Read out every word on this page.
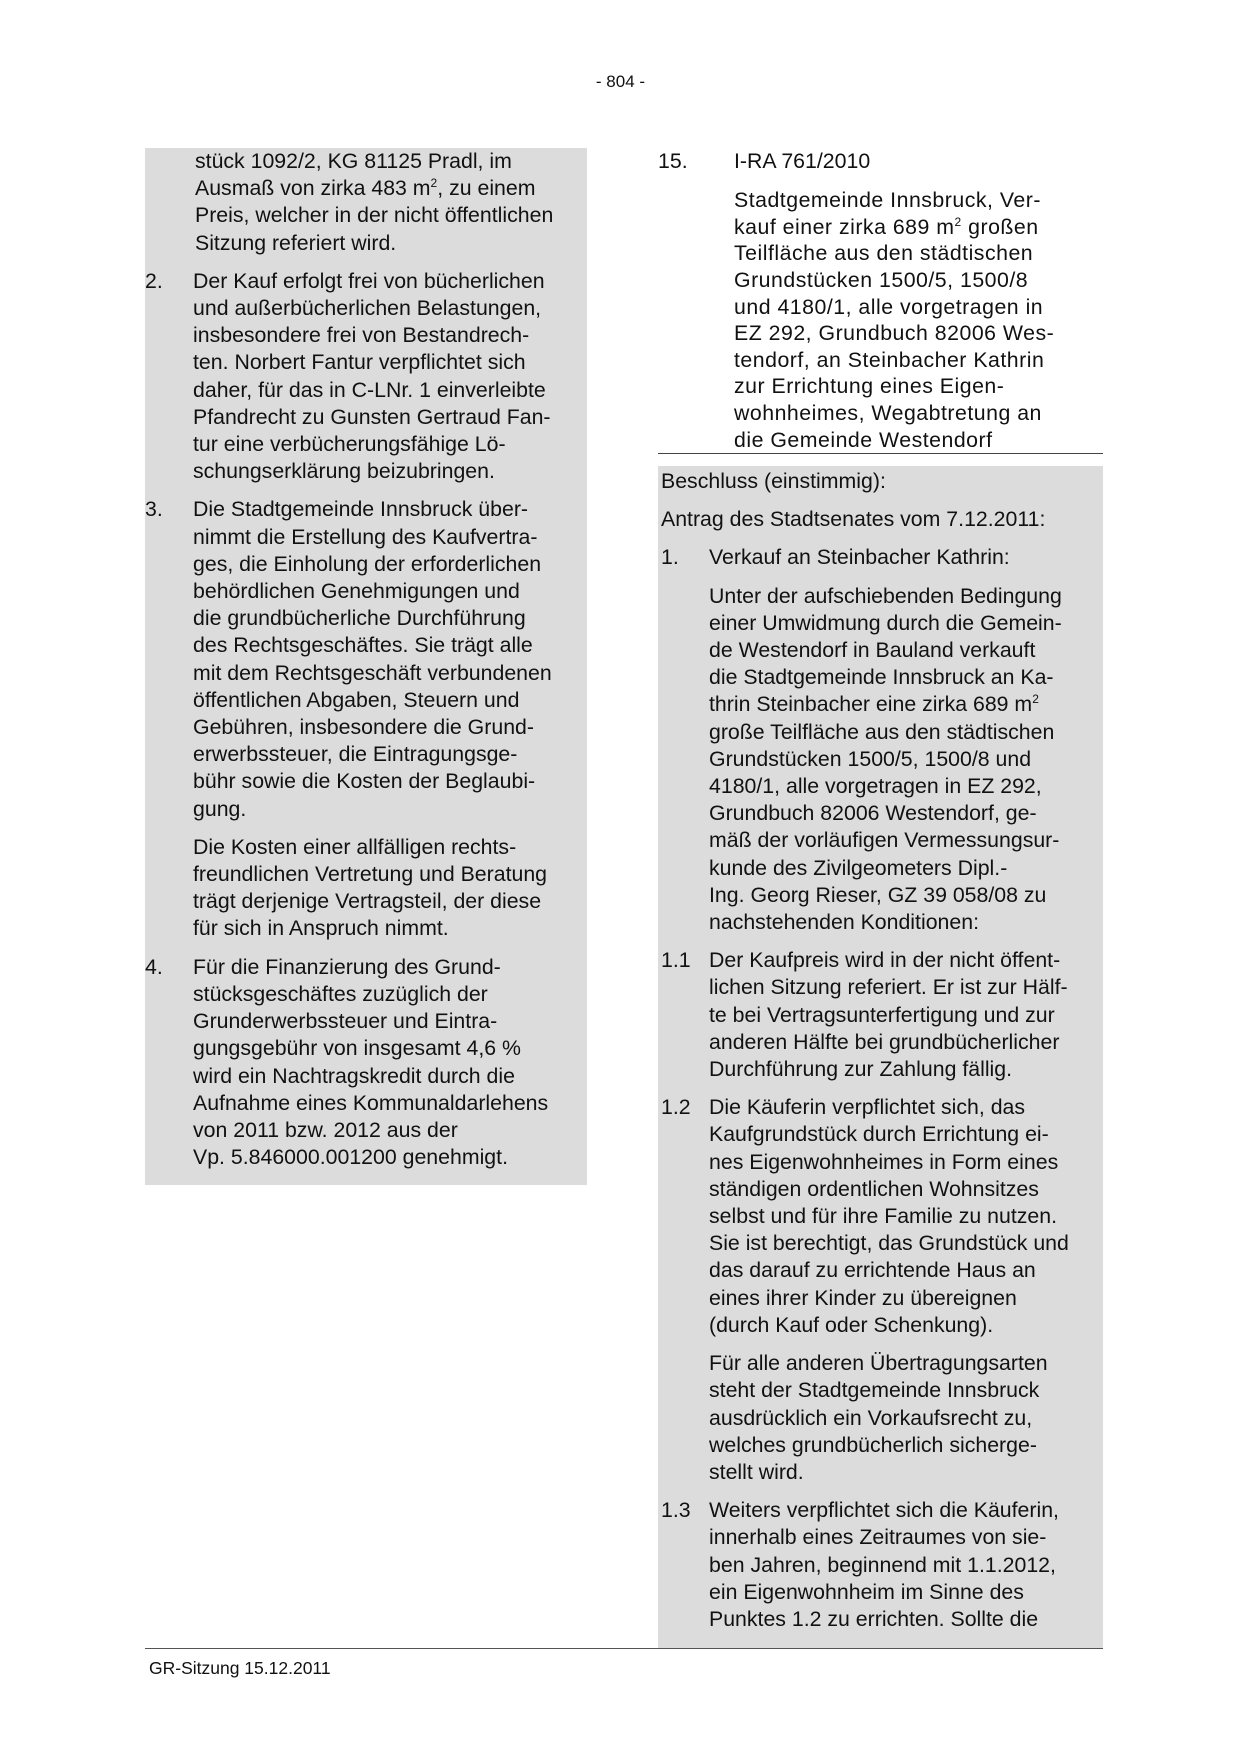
- 804 -
stück 1092/2, KG 81125 Pradl, im
Ausmaß von zirka 483 $m^2$, zu einem
Preis, welcher in der nicht öffentlichen
Sitzung referiert wird.
2.	Der Kauf erfolgt frei von bücherlichen
und außerbücherlichen Belastungen,
insbesondere frei von Bestandrech-
ten. Norbert Fantur verpflichtet sich
daher, für das in C-LNr. 1 einverleibte
Pfandrecht zu Gunsten Gertraud Fan-
tur eine verbücherungsfähige Lö-
schungserklärung beizubringen.
3.	Die Stadtgemeinde Innsbruck über-
nimmt die Erstellung des Kaufvertra-
ges, die Einholung der erforderlichen
behördlichen Genehmigungen und
die grundbücherliche Durchführung
des Rechtsgeschäftes. Sie trägt alle
mit dem Rechtsgeschäft verbundenen
öffentlichen Abgaben, Steuern und
Gebühren, insbesondere die Grund-
erwerbssteuer, die Eintragungsge-
bühr sowie die Kosten der Beglaubi-
gung.
Die Kosten einer allfälligen rechts-
freundlichen Vertretung und Beratung
trägt derjenige Vertragsteil, der diese
für sich in Anspruch nimmt.
4.	Für die Finanzierung des Grund-
stücksgeschäftes zuzüglich der
Grunderwerbssteuer und Eintra-
gungsgebühr von insgesamt 4,6 %
wird ein Nachtragskredit durch die
Aufnahme eines Kommunaldarlehens
von 2011 bzw. 2012 aus der
Vp. 5.846000.001200 genehmigt.
15.	I-RA 761/2010
Stadtgemeinde Innsbruck, Ver-
kauf einer zirka 689 $m^2$ großen
Teilfläche aus den städtischen
Grundstücken 1500/5, 1500/8
und 4180/1, alle vorgetragen in
EZ 292, Grundbuch 82006 Wes-
tendorf, an Steinbacher Kathrin
zur Errichtung eines Eigen-
wohnheimes, Wegabtretung an
die Gemeinde Westendorf
Beschluss (einstimmig):
Antrag des Stadtsenates vom 7.12.2011:
1.	Verkauf an Steinbacher Kathrin:
Unter der aufschiebenden Bedingung
einer Umwidmung durch die Gemein-
de Westendorf in Bauland verkauft
die Stadtgemeinde Innsbruck an Ka-
thrin Steinbacher eine zirka 689 $m^2$
große Teilfläche aus den städtischen
Grundstücken 1500/5, 1500/8 und
4180/1, alle vorgetragen in EZ 292,
Grundbuch 82006 Westendorf, ge-
mäß der vorläufigen Vermessungsur-
kunde des Zivilgeometers Dipl.-
Ing. Georg Rieser, GZ 39 058/08 zu
nachstehenden Konditionen:
1.1 Der Kaufpreis wird in der nicht öffent-
lichen Sitzung referiert. Er ist zur Hälf-
te bei Vertragsunterfertigung und zur
anderen Hälfte bei grundbücherlicher
Durchführung zur Zahlung fällig.
1.2 Die Käuferin verpflichtet sich, das
Kaufgrundstück durch Errichtung ei-
nes Eigenwohnheimes in Form eines
ständigen ordentlichen Wohnsitzes
selbst und für ihre Familie zu nutzen.
Sie ist berechtigt, das Grundstück und
das darauf zu errichtende Haus an
eines ihrer Kinder zu übereignen
(durch Kauf oder Schenkung).
Für alle anderen Übertragungsarten
steht der Stadtgemeinde Innsbruck
ausdrücklich ein Vorkaufsrecht zu,
welches grundbücherlich sicherge-
stellt wird.
1.3 Weiters verpflichtet sich die Käuferin,
innerhalb eines Zeitraumes von sie-
ben Jahren, beginnend mit 1.1.2012,
ein Eigenwohnheim im Sinne des
Punktes 1.2 zu errichten. Sollte die
GR-Sitzung 15.12.2011
